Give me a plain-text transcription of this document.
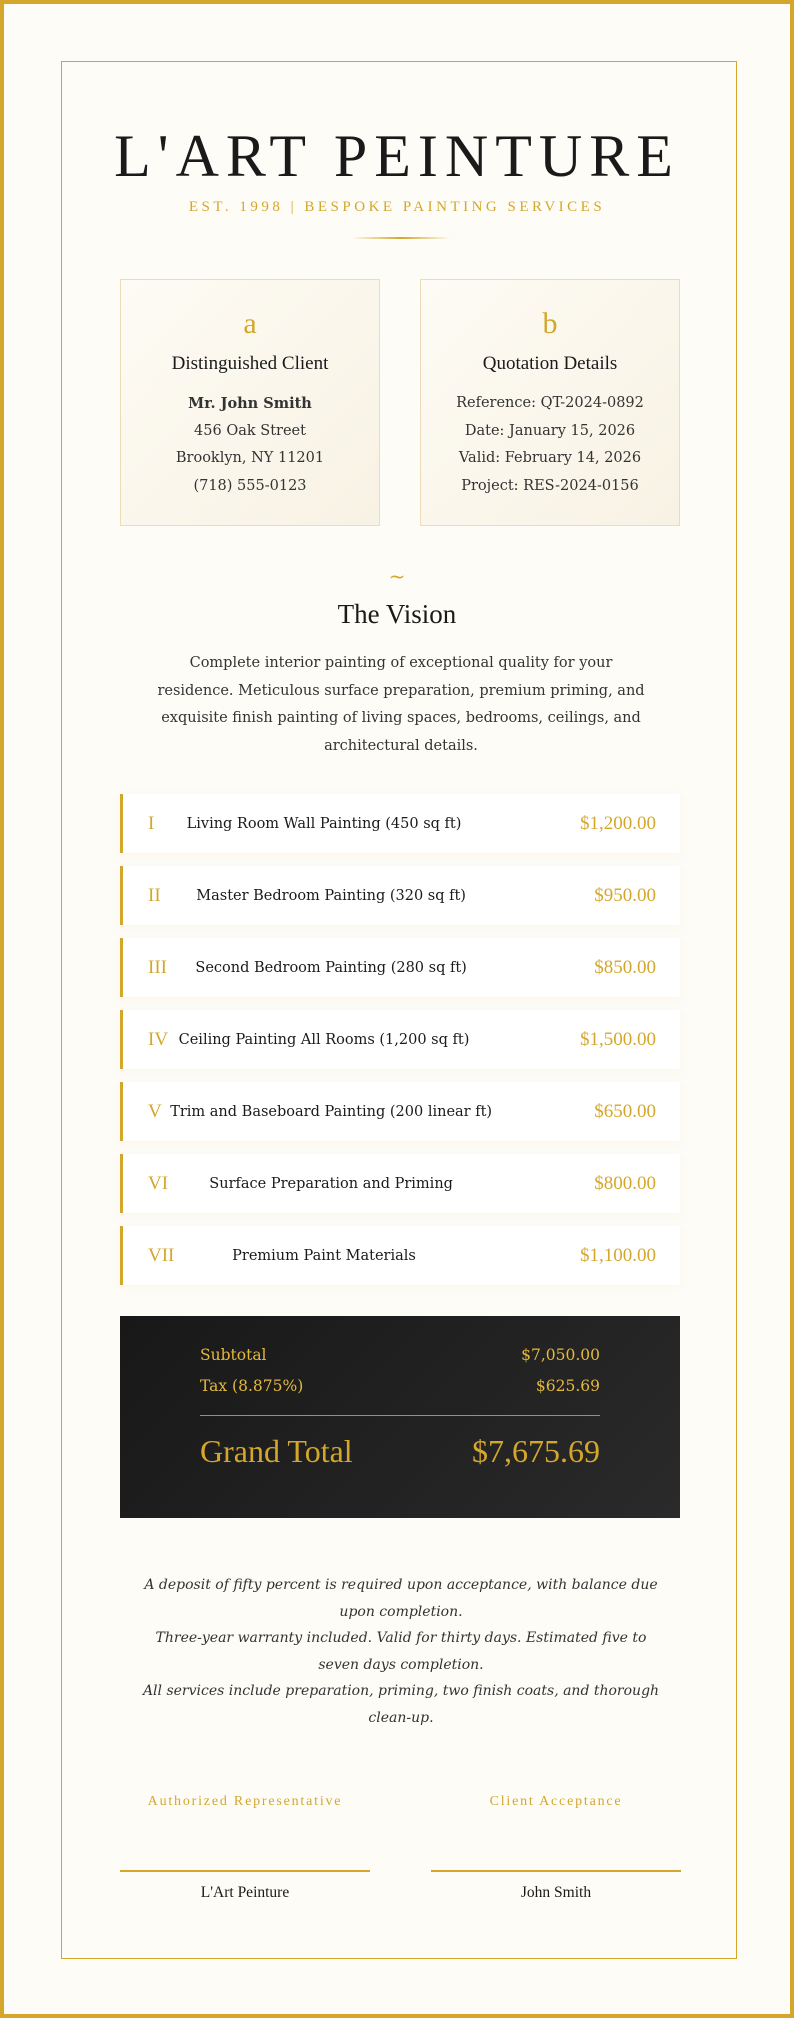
L'ART PEINTURE
EST. 1998 | BESPOKE PAINTING SERVICES
a
Distinguished Client
Mr. John Smith
456 Oak Street
Brooklyn, NY 11201
(718) 555-0123
b
Quotation Details
Reference: QT-2024-0892
Date: January 15, 2026
Valid: February 14, 2026
Project: RES-2024-0156
~
The Vision
Complete interior painting of exceptional quality for your residence. Meticulous surface preparation, premium priming, and exquisite finish painting of living spaces, bedrooms, ceilings, and architectural details.
I	Living Room Wall Painting (450 sq ft)	$1,200.00
II	Master Bedroom Painting (320 sq ft)	$950.00
III	Second Bedroom Painting (280 sq ft)	$850.00
IV Ceiling Painting All Rooms (1,200 sq ft)	$1,500.00
V Trim and Baseboard Painting (200 linear ft)	$650.00
VI	Surface Preparation and Priming	$800.00
VII	Premium Paint Materials	$1,100.00
Subtotal	$7,050.00
Tax (8.875%)	$625.69
Grand Total	$7,675.69
A deposit of fifty percent is required upon acceptance, with balance due upon completion.
Three-year warranty included. Valid for thirty days. Estimated five to seven days completion.
All services include preparation, priming, two finish coats, and thorough clean-up.
Authorized Representative	Client Acceptance
L'Art Peinture	John Smith
